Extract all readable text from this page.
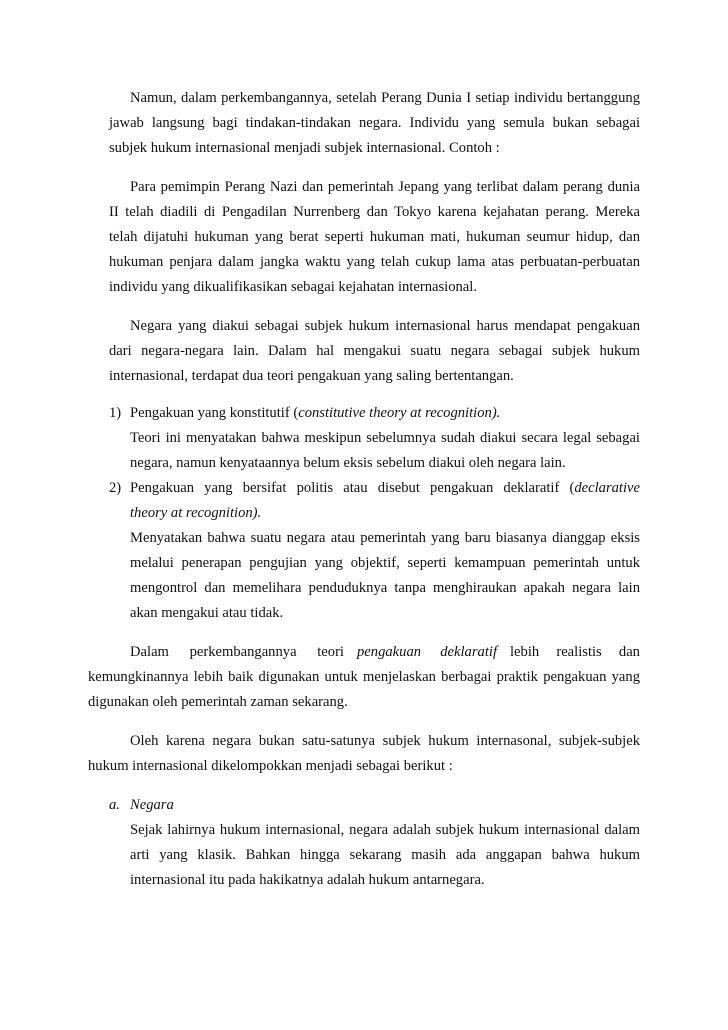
Namun, dalam perkembangannya, setelah Perang Dunia I setiap individu bertanggung
jawab langsung bagi tindakan-tindakan negara. Individu yang semula bukan sebagai
subjek hukum internasional menjadi subjek internasional. Contoh :
Para pemimpin Perang Nazi dan pemerintah Jepang yang terlibat dalam perang dunia
II telah diadili di Pengadilan Nurrenberg dan Tokyo karena kejahatan perang. Mereka
telah dijatuhi hukuman yang berat seperti hukuman mati, hukuman seumur hidup, dan
hukuman penjara dalam jangka waktu yang telah cukup lama atas perbuatan-perbuatan
individu yang dikualifikasikan sebagai kejahatan internasional.
Negara yang diakui sebagai subjek hukum internasional harus mendapat pengakuan
dari negara-negara lain. Dalam hal mengakui suatu negara sebagai subjek hukum
internasional, terdapat dua teori pengakuan yang saling bertentangan.
1) Pengakuan yang konstitutif (constitutive theory at recognition).
Teori ini menyatakan bahwa meskipun sebelumnya sudah diakui secara legal sebagai
negara, namun kenyataannya belum eksis sebelum diakui oleh negara lain.
2) Pengakuan yang bersifat politis atau disebut pengakuan deklaratif (declarative
theory at recognition).
Menyatakan bahwa suatu negara atau pemerintah yang baru biasanya dianggap eksis
melalui penerapan pengujian yang objektif, seperti kemampuan pemerintah untuk
mengontrol dan memelihara penduduknya tanpa menghiraukan apakah negara lain
akan mengakui atau tidak.
Dalam perkembangannya teori pengakuan deklaratif lebih realistis dan
kemungkinannya lebih baik digunakan untuk menjelaskan berbagai praktik pengakuan yang
digunakan oleh pemerintah zaman sekarang.
Oleh karena negara bukan satu-satunya subjek hukum internasonal, subjek-subjek
hukum internasional dikelompokkan menjadi sebagai berikut :
a. Negara
Sejak lahirnya hukum internasional, negara adalah subjek hukum internasional dalam
arti yang klasik. Bahkan hingga sekarang masih ada anggapan bahwa hukum
internasional itu pada hakikatnya adalah hukum antarnegara.
